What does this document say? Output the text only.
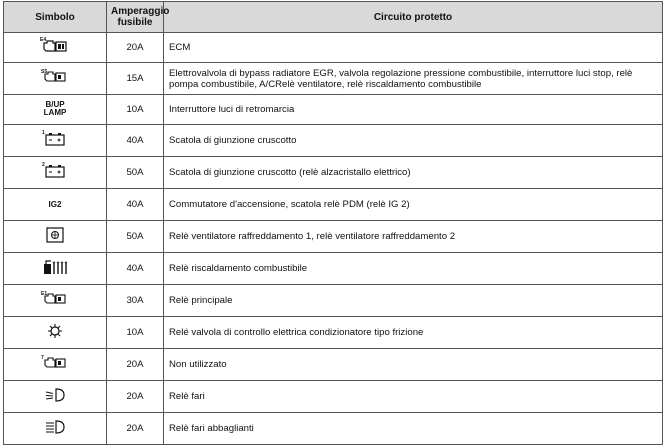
Simbolo	Amperaggio fusibile	Circuito protetto

E4	20A	ECM

S5	15A	Elettrovalvola di bypass radiatore EGR, valvola regolazione pressione combustibile, interruttore luci stop, relè pompa combustibile, A/CRelè ventilatore, relè riscaldamento combustibile
B/UP LAMP	10A	Interruttore luci di retromarcia

1	40A	Scatola di giunzione cruscotto

2	50A	Scatola di giunzione cruscotto (relè alzacristallo elettrico)
IG2	40A	Commutatore d'accensione, scatola relè PDM (relè IG 2)
	50A	Relè ventilatore raffreddamento 1, relè ventilatore raffreddamento 2
	40A	Relè riscaldamento combustibile

E1	30A	Relè principale
	10A	Relé valvola di controllo elettrica condizionatore tipo frizione

7	20A	Non utilizzato
	20A	Relè fari
	20A	Relè fari abbaglianti
